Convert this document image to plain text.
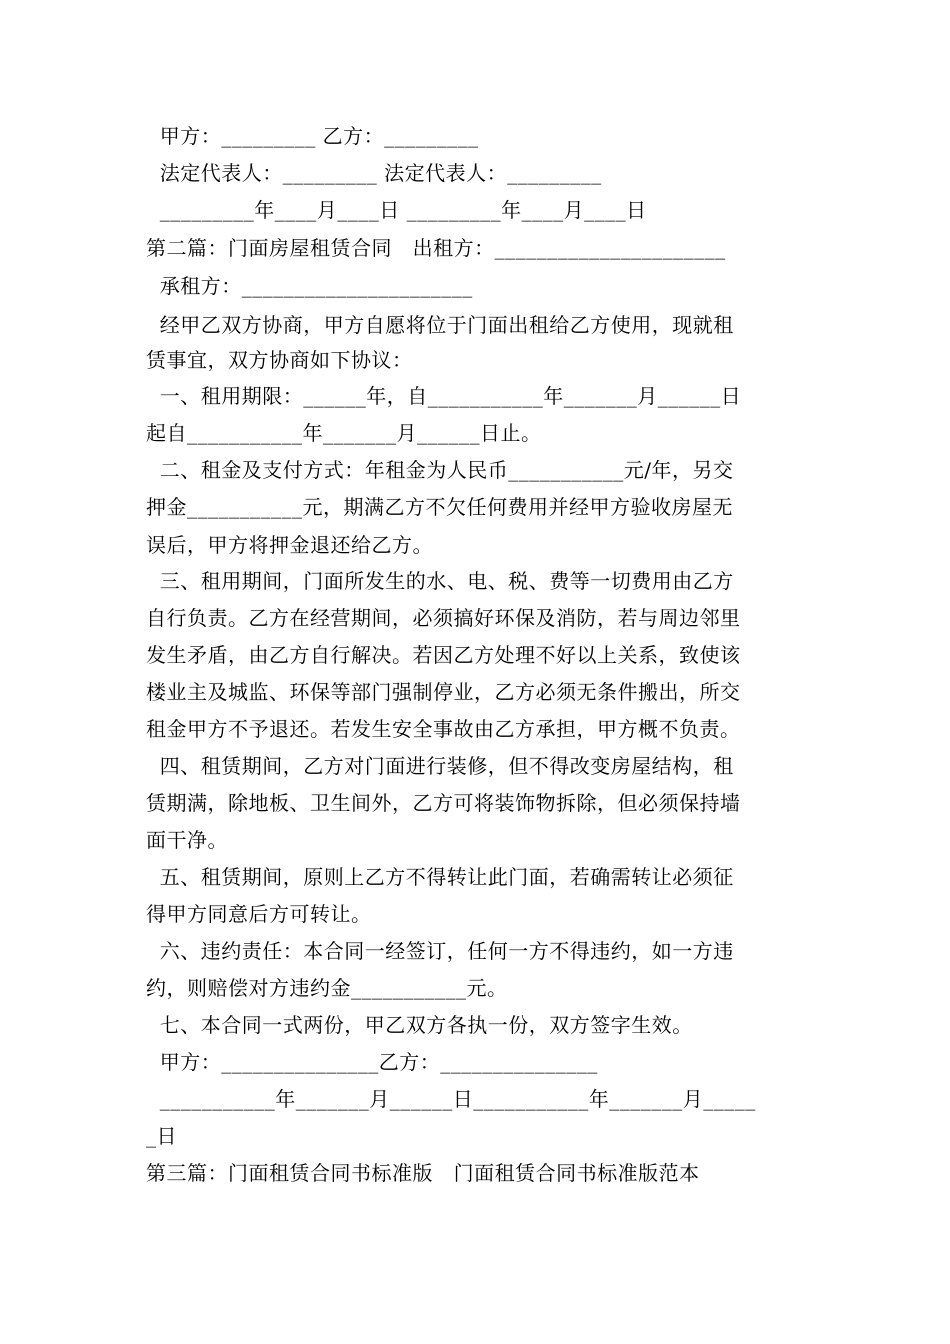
甲方：_________ 乙方：_________
法定代表人：_________ 法定代表人：_________
_________年____月____日 _________年____月____日
第二篇：门面房屋租赁合同   出租方：______________________
承租方：______________________
经甲乙双方协商，甲方自愿将位于门面出租给乙方使用，现就租
赁事宜，双方协商如下协议：
一、租用期限：______年，自___________年_______月______日
起自___________年_______月______日止。
二、租金及支付方式：年租金为人民币___________元/年，另交
押金___________元，期满乙方不欠任何费用并经甲方验收房屋无
误后，甲方将押金退还给乙方。
三、租用期间，门面所发生的水、电、税、费等一切费用由乙方
自行负责。乙方在经营期间，必须搞好环保及消防，若与周边邻里
发生矛盾，由乙方自行解决。若因乙方处理不好以上关系，致使该
楼业主及城监、环保等部门强制停业，乙方必须无条件搬出，所交
租金甲方不予退还。若发生安全事故由乙方承担，甲方概不负责。
四、租赁期间，乙方对门面进行装修，但不得改变房屋结构，租
赁期满，除地板、卫生间外，乙方可将装饰物拆除，但必须保持墙
面干净。
五、租赁期间，原则上乙方不得转让此门面，若确需转让必须征
得甲方同意后方可转让。
六、违约责任：本合同一经签订，任何一方不得违约，如一方违
约，则赔偿对方违约金___________元。
七、本合同一式两份，甲乙双方各执一份，双方签字生效。
甲方：_______________乙方：_______________
___________年_______月______日___________年_______月_____
_日
第三篇：门面租赁合同书标准版   门面租赁合同书标准版范本
